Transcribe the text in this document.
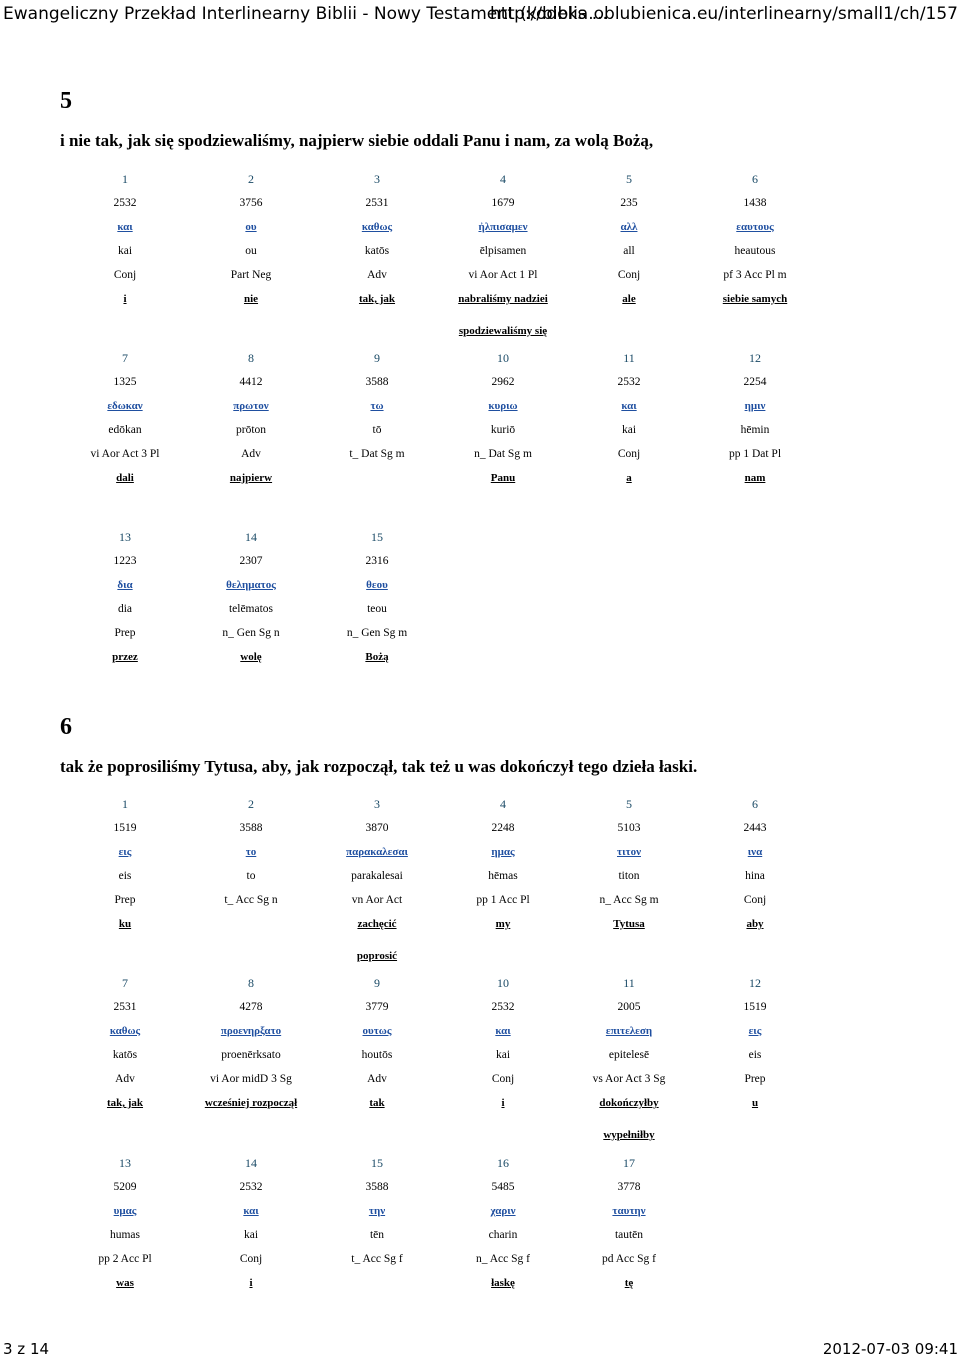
Ewangeliczny Przekład Interlinearny Biblii - Nowy Testament (kodeks ...
http://biblia.oblubienica.eu/interlinearny/small1/ch/157
5
i nie tak, jak się spodziewaliśmy, najpierw siebie oddali Panu i nam, za wolą Bożą,
1
2532
και
kai
Conj
i
2
3756
ου
ou
Part Neg
nie
3
2531
καθως
katōs
Adv
tak, jak
4
1679
ἠλπισαμεν
ēlpisamen
vi Aor Act 1 Pl
nabraliśmy nadziei
spodziewaliśmy się
5
235
αλλ
all
Conj
ale
6
1438
εαυτους
heautous
pf 3 Acc Pl m
siebie samych
7
1325
εδωκαν
edōkan
vi Aor Act 3 Pl
dali
8
4412
πρωτον
prōton
Adv
najpierw
9
3588
τω
tō
t_ Dat Sg m
10
2962
κυριω
kuriō
n_ Dat Sg m
Panu
11
2532
και
kai
Conj
a
12
2254
ημιν
hēmin
pp 1 Dat Pl
nam
13
1223
δια
dia
Prep
przez
14
2307
θεληματος
telēmatos
n_ Gen Sg n
wolę
15
2316
θεου
teou
n_ Gen Sg m
Bożą
6
tak że poprosiliśmy Tytusa, aby, jak rozpoczął, tak też u was dokończył tego dzieła łaski.
1
1519
εις
eis
Prep
ku
2
3588
το
to
t_ Acc Sg n
3
3870
παρακαλεσαι
parakalesai
vn Aor Act
zachęcić
poprosić
4
2248
ημας
hēmas
pp 1 Acc Pl
my
5
5103
τιτον
titon
n_ Acc Sg m
Tytusa
6
2443
ινα
hina
Conj
aby
7
2531
καθως
katōs
Adv
tak, jak
8
4278
προενηρξατο
proenērksato
vi Aor midD 3 Sg
wcześniej rozpoczął
9
3779
ουτως
houtōs
Adv
tak
10
2532
και
kai
Conj
i
11
2005
επιτελεση
epitelesē
vs Aor Act 3 Sg
dokończyłby
wypełniłby
12
1519
εις
eis
Prep
u
13
5209
υμας
humas
pp 2 Acc Pl
was
14
2532
και
kai
Conj
i
15
3588
την
tēn
t_ Acc Sg f
16
5485
χαριν
charin
n_ Acc Sg f
łaskę
17
3778
ταυτην
tautēn
pd Acc Sg f
tę
3 z 14	2012-07-03 09:41
